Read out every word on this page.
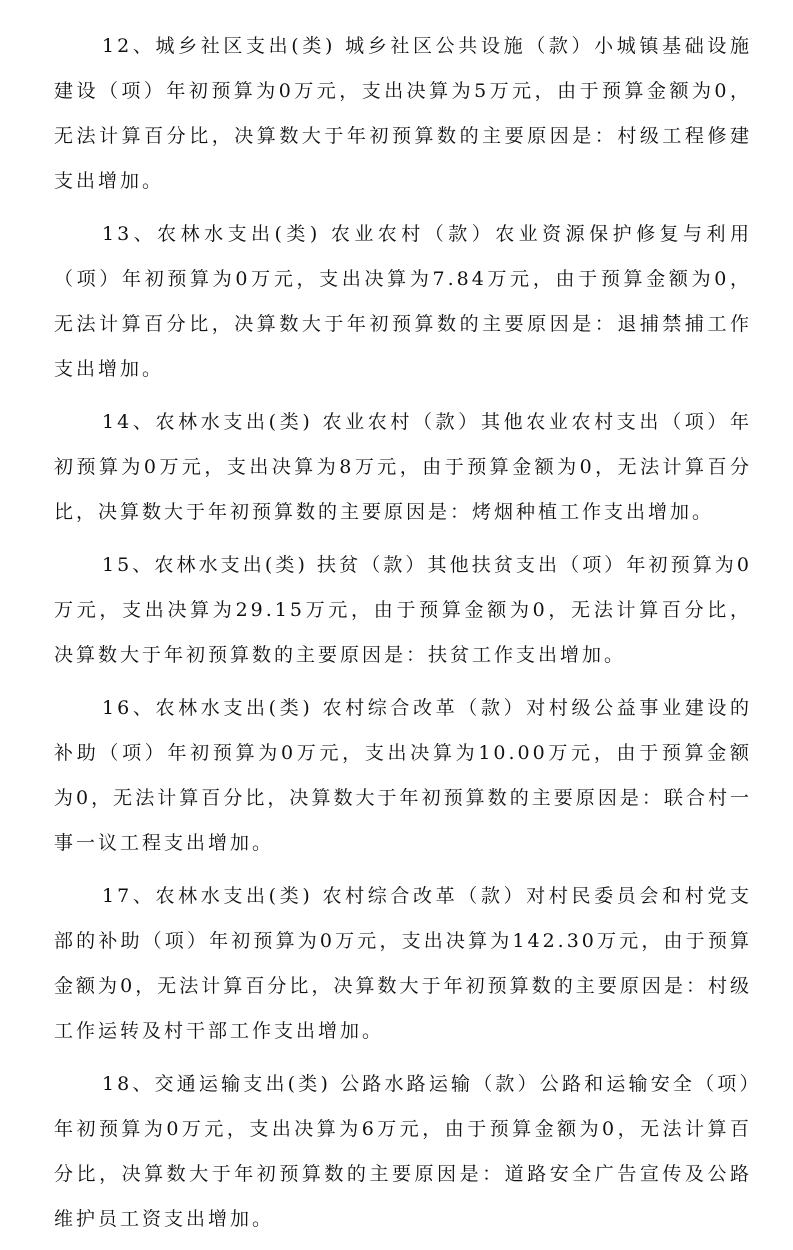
12、城乡社区支出(类) 城乡社区公共设施（款）小城镇基础设施建设（项）年初预算为0万元，支出决算为5万元，由于预算金额为0，无法计算百分比，决算数大于年初预算数的主要原因是：村级工程修建支出增加。

13、农林水支出(类) 农业农村（款）农业资源保护修复与利用（项）年初预算为0万元，支出决算为7.84万元，由于预算金额为0，无法计算百分比，决算数大于年初预算数的主要原因是：退捕禁捕工作支出增加。

14、农林水支出(类) 农业农村（款）其他农业农村支出（项）年初预算为0万元，支出决算为8万元，由于预算金额为0，无法计算百分比，决算数大于年初预算数的主要原因是：烤烟种植工作支出增加。

15、农林水支出(类) 扶贫（款）其他扶贫支出（项）年初预算为0万元，支出决算为29.15万元，由于预算金额为0，无法计算百分比，决算数大于年初预算数的主要原因是：扶贫工作支出增加。

16、农林水支出(类) 农村综合改革（款）对村级公益事业建设的补助（项）年初预算为0万元，支出决算为10.00万元，由于预算金额为0，无法计算百分比，决算数大于年初预算数的主要原因是：联合村一事一议工程支出增加。

17、农林水支出(类) 农村综合改革（款）对村民委员会和村党支部的补助（项）年初预算为0万元，支出决算为142.30万元，由于预算金额为0，无法计算百分比，决算数大于年初预算数的主要原因是：村级工作运转及村干部工作支出增加。

18、交通运输支出(类) 公路水路运输（款）公路和运输安全（项）年初预算为0万元，支出决算为6万元，由于预算金额为0，无法计算百分比，决算数大于年初预算数的主要原因是：道路安全广告宣传及公路维护员工资支出增加。
